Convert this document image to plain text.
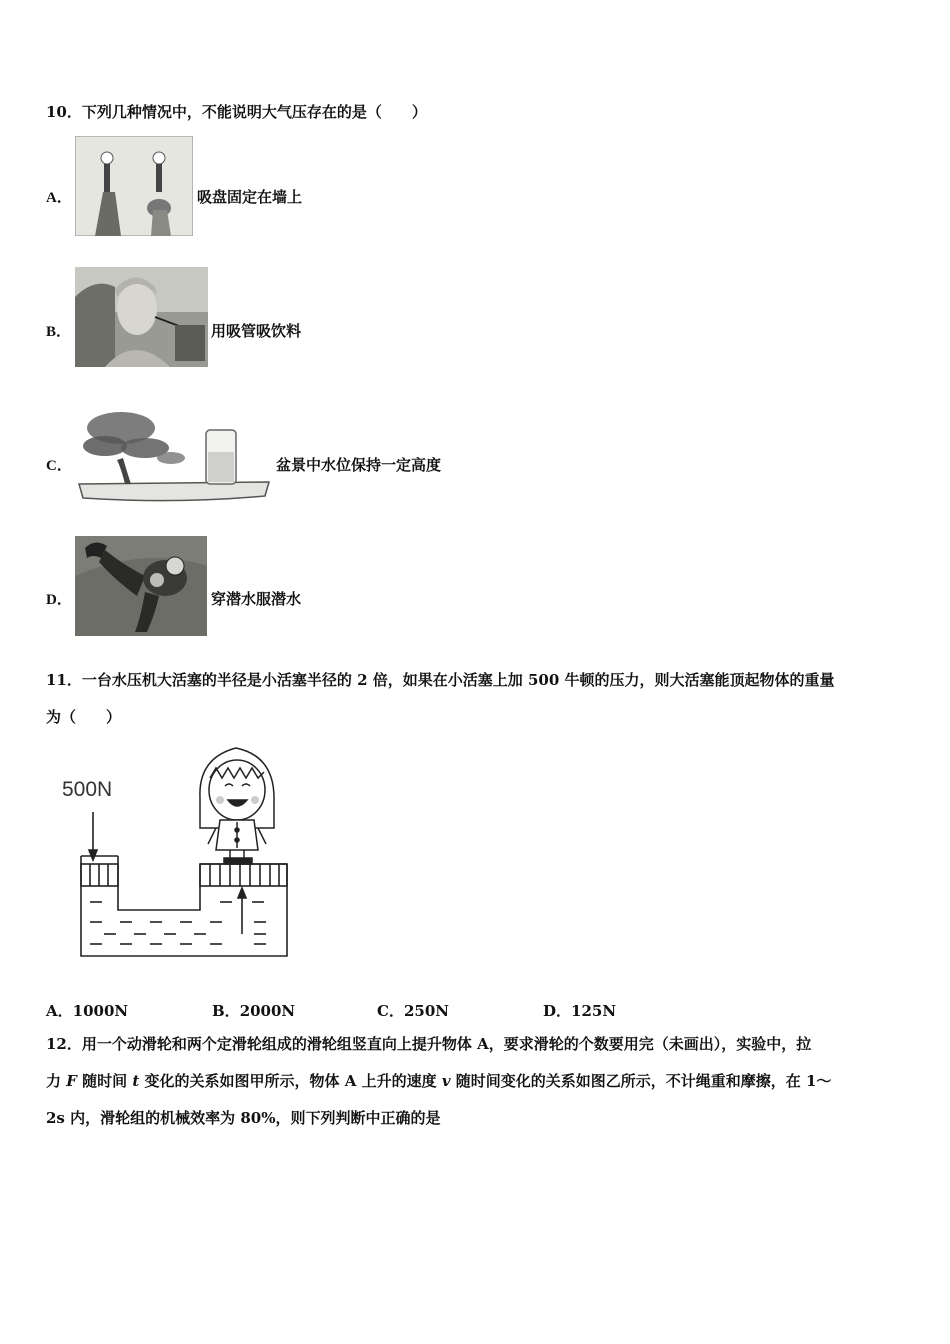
10．下列几种情况中，不能说明大气压存在的是（　　）
A．	吸盘固定在墙上
B．	用吸管吸饮料
C．	盆景中水位保持一定高度
D．	穿潜水服潜水
11．一台水压机大活塞的半径是小活塞半径的 2 倍，如果在小活塞上加 500 牛顿的压力，则大活塞能顶起物体的重量
为（　　）
500N
A．1000N	B．2000N	C．250N	D．125N
12．用一个动滑轮和两个定滑轮组成的滑轮组竖直向上提升物体 A，要求滑轮的个数要用完（未画出），实验中，拉
力 F 随时间 t 变化的关系如图甲所示，物体 A 上升的速度 v 随时间变化的关系如图乙所示，不计绳重和摩擦，在 1～
2s 内，滑轮组的机械效率为 80%，则下列判断中正确的是
